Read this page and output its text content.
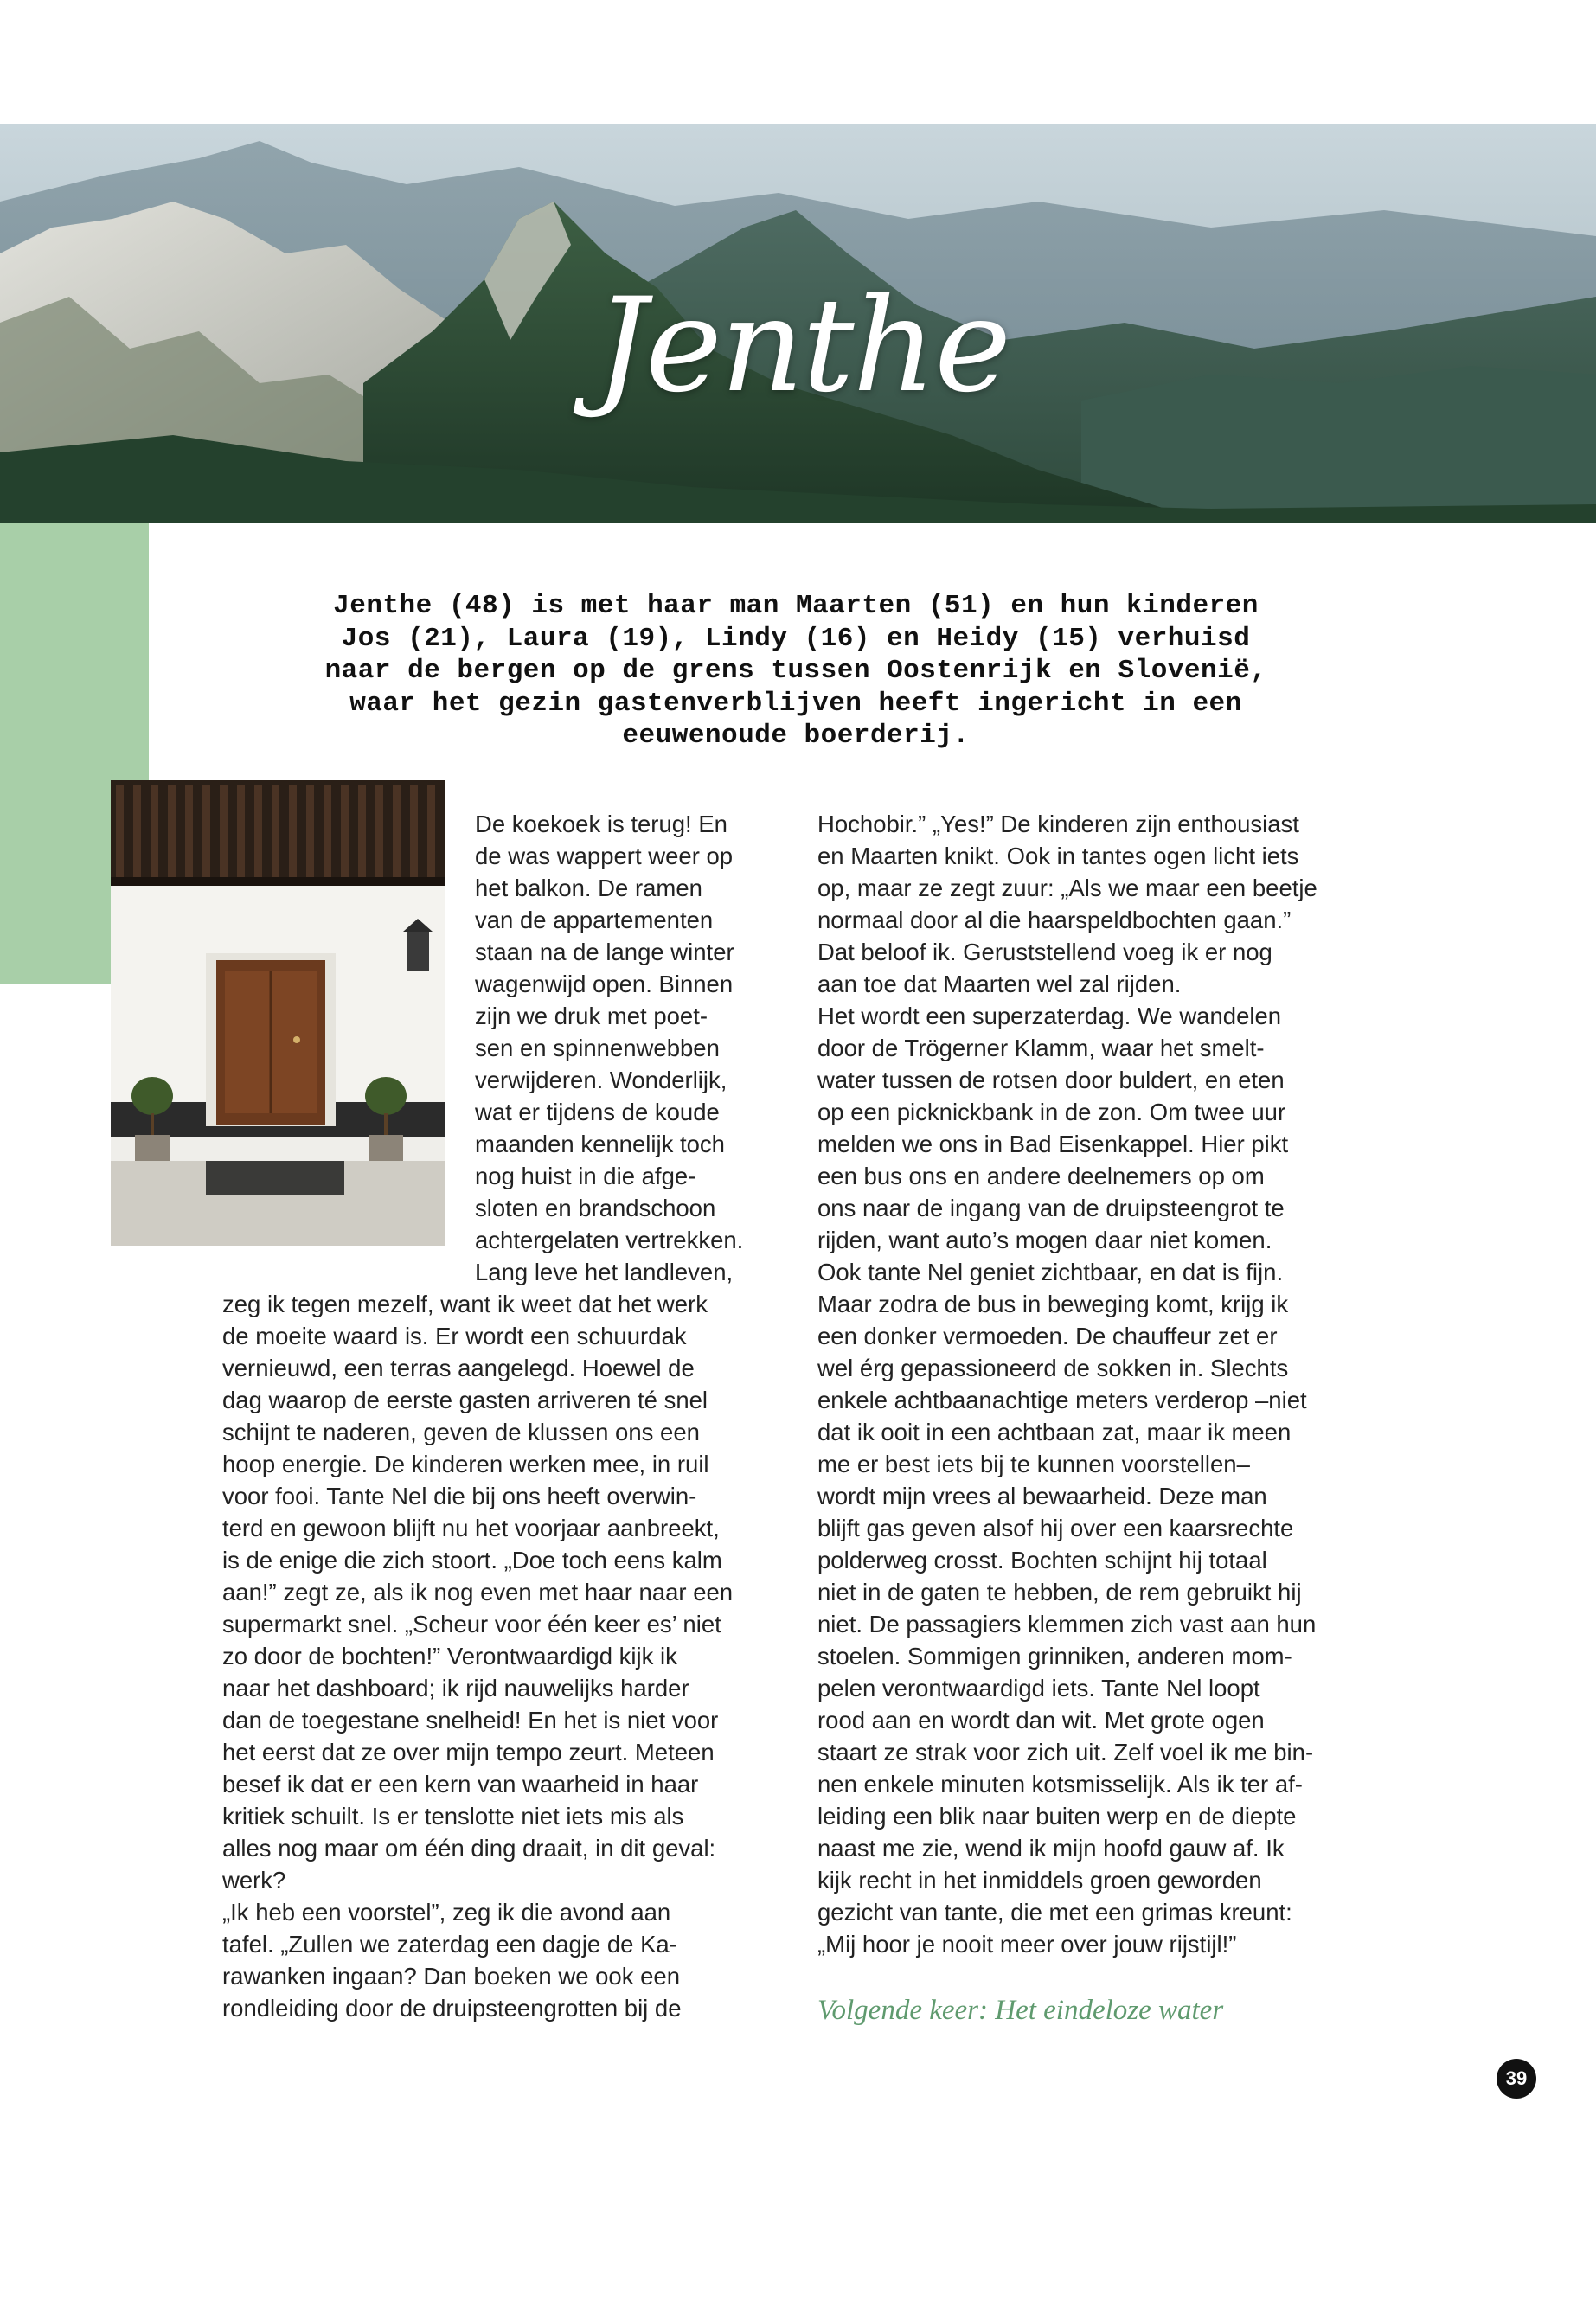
Jenthe
Jenthe (48) is met haar man Maarten (51) en hun kinderen
Jos (21), Laura (19), Lindy (16) en Heidy (15) verhuisd
naar de bergen op de grens tussen Oostenrijk en Slovenië,
waar het gezin gastenverblijven heeft ingericht in een
eeuwenoude boerderij.
De koekoek is terug! En
de was wappert weer op
het balkon. De ramen
van de appartementen
staan na de lange winter
wagenwijd open. Binnen
zijn we druk met poet-
sen en spinnenwebben
verwijderen. Wonderlijk,
wat er tijdens de koude
maanden kennelijk toch
nog huist in die afge-
sloten en brandschoon
achtergelaten vertrekken.
Lang leve het landleven,
zeg ik tegen mezelf, want ik weet dat het werk
de moeite waard is. Er wordt een schuurdak
vernieuwd, een terras aangelegd. Hoewel de
dag waarop de eerste gasten arriveren té snel
schijnt te naderen, geven de klussen ons een
hoop energie. De kinderen werken mee, in ruil
voor fooi. Tante Nel die bij ons heeft overwin-
terd en gewoon blijft nu het voorjaar aanbreekt,
is de enige die zich stoort. „Doe toch eens kalm
aan!” zegt ze, als ik nog even met haar naar een
supermarkt snel. „Scheur voor één keer es’ niet
zo door de bochten!” Verontwaardigd kijk ik
naar het dashboard; ik rijd nauwelijks harder
dan de toegestane snelheid! En het is niet voor
het eerst dat ze over mijn tempo zeurt. Meteen
besef ik dat er een kern van waarheid in haar
kritiek schuilt. Is er tenslotte niet iets mis als
alles nog maar om één ding draait, in dit geval:
werk?
„Ik heb een voorstel”, zeg ik die avond aan
tafel. „Zullen we zaterdag een dagje de Ka-
rawanken ingaan? Dan boeken we ook een
rondleiding door de druipsteengrotten bij de
Hochobir.” „Yes!” De kinderen zijn enthousiast
en Maarten knikt. Ook in tantes ogen licht iets
op, maar ze zegt zuur: „Als we maar een beetje
normaal door al die haarspeldbochten gaan.”
Dat beloof ik. Geruststellend voeg ik er nog
aan toe dat Maarten wel zal rijden.
Het wordt een superzaterdag. We wandelen
door de Trögerner Klamm, waar het smelt-
water tussen de rotsen door buldert, en eten
op een picknickbank in de zon. Om twee uur
melden we ons in Bad Eisenkappel. Hier pikt
een bus ons en andere deelnemers op om
ons naar de ingang van de druipsteengrot te
rijden, want auto’s mogen daar niet komen.
Ook tante Nel geniet zichtbaar, en dat is fijn.
Maar zodra de bus in beweging komt, krijg ik
een donker vermoeden. De chauffeur zet er
wel érg gepassioneerd de sokken in. Slechts
enkele achtbaanachtige meters verderop –niet
dat ik ooit in een achtbaan zat, maar ik meen
me er best iets bij te kunnen voorstellen–
wordt mijn vrees al bewaarheid. Deze man
blijft gas geven alsof hij over een kaarsrechte
polderweg crosst. Bochten schijnt hij totaal
niet in de gaten te hebben, de rem gebruikt hij
niet. De passagiers klemmen zich vast aan hun
stoelen. Sommigen grinniken, anderen mom-
pelen verontwaardigd iets. Tante Nel loopt
rood aan en wordt dan wit. Met grote ogen
staart ze strak voor zich uit. Zelf voel ik me bin-
nen enkele minuten kotsmisselijk. Als ik ter af-
leiding een blik naar buiten werp en de diepte
naast me zie, wend ik mijn hoofd gauw af. Ik
kijk recht in het inmiddels groen geworden
gezicht van tante, die met een grimas kreunt:
„Mij hoor je nooit meer over jouw rijstijl!”
Volgende keer: Het eindeloze water
39
